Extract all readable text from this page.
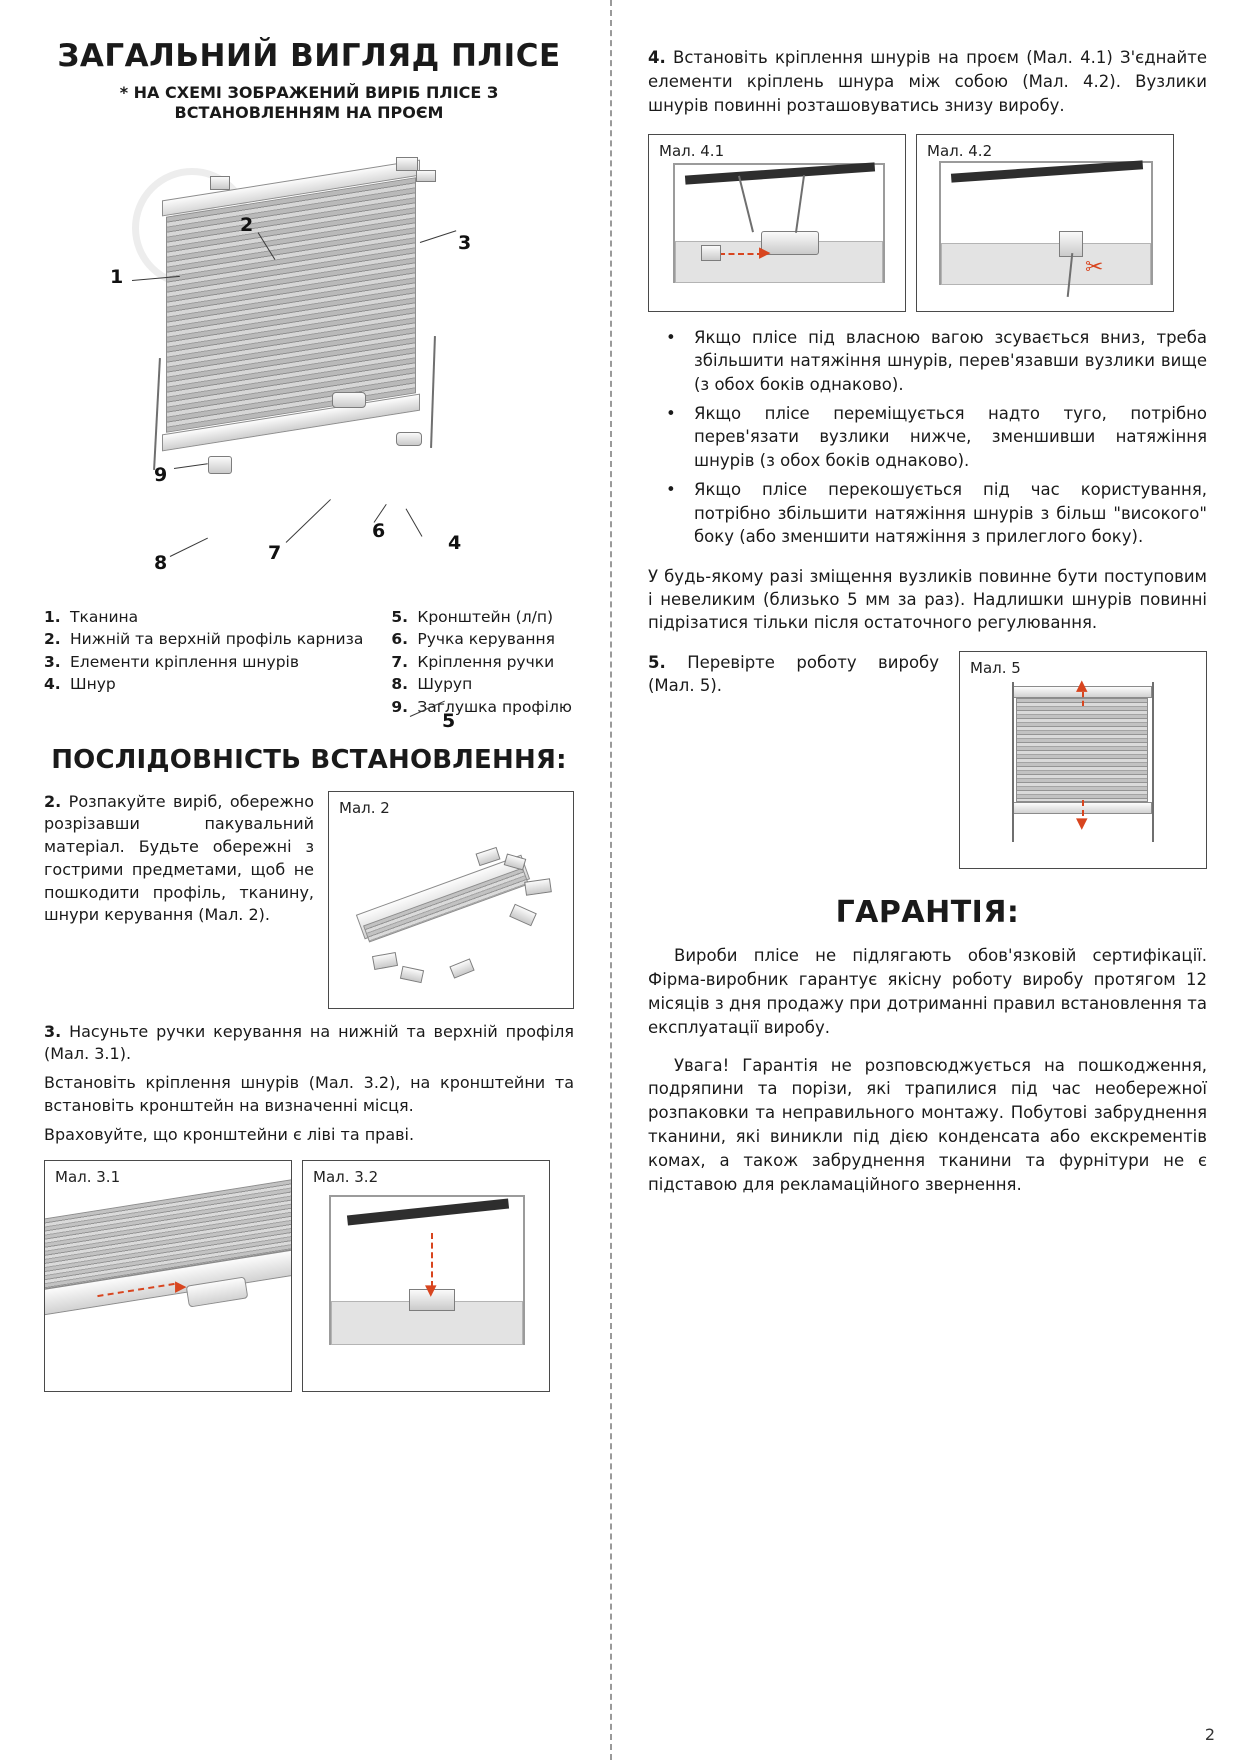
ЗАГАЛЬНИЙ ВИГЛЯД ПЛІСЕ
* НА СХЕМІ ЗОБРАЖЕНИЙ ВИРІБ ПЛІСЕ З ВСТАНОВЛЕННЯМ НА ПРОЄМ
1
2
3
4
5
6
7
8
9
1. Тканина
2. Нижній та верхній профіль карниза
3. Елементи кріплення шнурів
4. Шнур
5. Кронштейн (л/п)
6. Ручка керування
7. Кріплення ручки
8. Шуруп
9. Заглушка профілю
ПОСЛІДОВНІСТЬ ВСТАНОВЛЕННЯ:
2. Розпакуйте виріб, обережно розрізавши пакувальний матеріал. Будьте обережні з гострими предметами, щоб не пошкодити профіль, тканину, шнури керування (Мал. 2).
Мал. 2
3. Насуньте ручки керування на нижній та верхній профіля (Мал. 3.1).
Встановіть кріплення шнурів (Мал. 3.2), на кронштейни та встановіть кронштейн на визначенні місця.
Враховуйте, що кронштейни є ліві та праві.
Мал. 3.1
▶
Мал. 3.2
▼
4. Встановіть кріплення шнурів на проєм (Мал. 4.1) З'єднайте елементи кріплень шнура між собою (Мал. 4.2). Вузлики шнурів повинні розташовуватись знизу виробу.
Мал. 4.1
▶
Мал. 4.2
✂
• Якщо пліcе під власною вагою зсувається вниз, треба збільшити натяжіння шнурів, перев'язавши вузлики вище (з обох боків однаково).
• Якщо пліcе переміщується надто туго, потрібно перев'язати вузлики нижче, зменшивши натяжіння шнурів (з обох боків однаково).
• Якщо пліcе перекошується під час користування, потрібно збільшити натяжіння шнурів з більш "високого" боку (або зменшити натяжіння з прилеглого боку).
У будь-якому разі зміщення вузликів повинне бути поступовим і невеликим (близько 5 мм за раз). Надлишки шнурів повинні підрізатися тільки після остаточного регулювання.
5. Перевірте роботу виробу (Мал. 5).
Мал. 5
▲
▼
ГАРАНТІЯ:

Вироби пліcе не підлягають обов'язковій сертифікації. Фірма-виробник гарантує якісну роботу виробу протягом 12 місяців з дня продажу при дотриманні правил встановлення та експлуатації виробу.

Увага! Гарантія не розповсюджується на пошкодження, подряпини та порізи, які трапилися під час необережної розпаковки та неправильного монтажу. Побутові забруднення тканини, які виникли під дією конденсата або екскрементів комах, а також забруднення тканини та фурнітури не є підставою для рекламаційного звернення.

2
